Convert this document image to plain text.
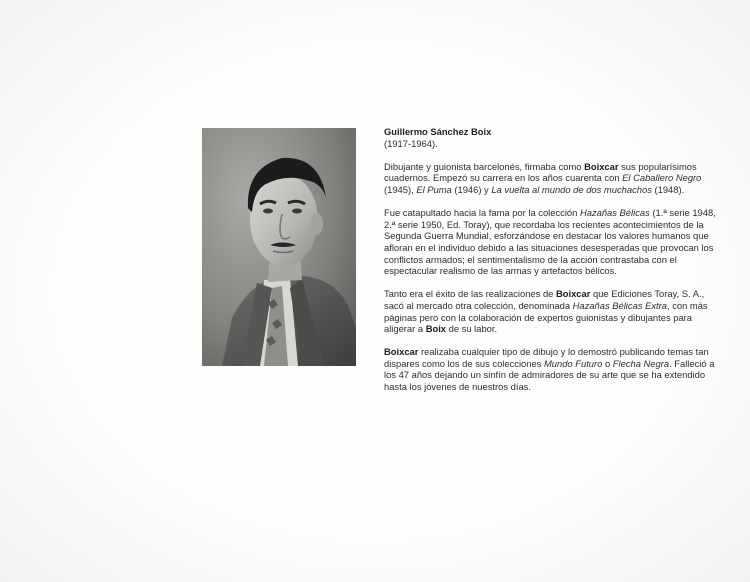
Guillermo Sánchez Boix
(1917-1964).

Dibujante y guionista barcelonés, firmaba como Boixcar sus popularísimos cuadernos. Empezó su carrera en los años cuarenta con El Caballero Negro (1945), El Puma (1946) y La vuelta al mundo de dos muchachos (1948).

Fue catapultado hacia la fama por la colección Hazañas Bélicas (1.ª serie 1948, 2.ª serie 1950, Ed. Toray), que recordaba los recientes acontecimientos de la Segunda Guerra Mundial, esforzándose en destacar los valores humanos que afloran en el individuo debido a las situaciones desesperadas que provocan los conflictos armados; el sentimentalismo de la acción contrastaba con el espectacular realismo de las armas y artefactos bélicos.

Tanto era el éxito de las realizaciones de Boixcar que Ediciones Toray, S. A., sacó al mercado otra colección, denominada Hazañas Bélicas Extra, con más páginas pero con la colaboración de expertos guionistas y dibujantes para aligerar a Boix de su labor.

Boixcar realizaba cualquier tipo de dibujo y lo demostró publicando temas tan dispares como los de sus colecciones Mundo Futuro o Flecha Negra. Falleció a los 47 años dejando un sinfín de admiradores de su arte que se ha extendido hasta los jóvenes de nuestros días.
